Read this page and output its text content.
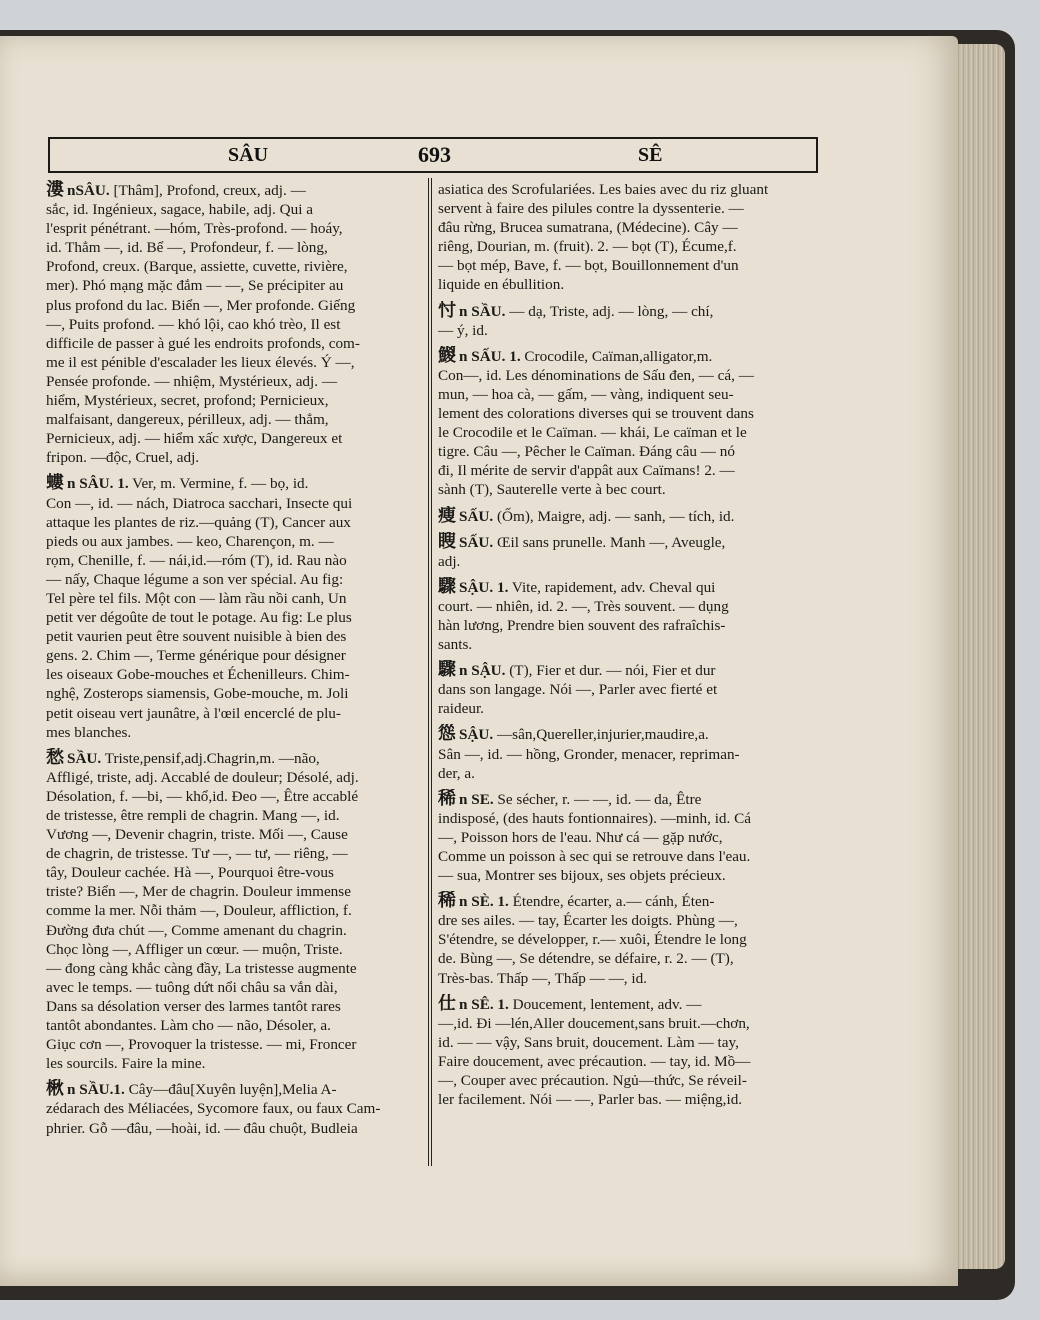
SÂU	693	SÊ
漊 nSÂU. [Thâm], Profond, creux, adj. —
sắc, id. Ingénieux, sagace, habile, adj. Qui a
l'esprit pénétrant. —hóm, Très-profond. — hoáy,
id. Thẳm —, id. Bể —, Profondeur, f. — lòng,
Profond, creux. (Barque, assiette, cuvette, rivière,
mer). Phó mạng mặc đắm — —, Se précipiter au
plus profond du lac. Biển —, Mer profonde. Giếng
—, Puits profond. — khó lội, cao khó trèo, Il est
difficile de passer à gué les endroits profonds, com-
me il est pénible d'escalader les lieux élevés. Ý —,
Pensée profonde. — nhiệm, Mystérieux, adj. —
hiểm, Mystérieux, secret, profond; Pernicieux,
malfaisant, dangereux, périlleux, adj. — thẳm,
Pernicieux, adj. — hiểm xấc xược, Dangereux et
fripon. —độc, Cruel, adj.
螻 n SÂU. 1. Ver, m. Vermine, f. — bọ, id.
Con —, id. — nách, Diatroca sacchari, Insecte qui
attaque les plantes de riz.—quảng (T), Cancer aux
pieds ou aux jambes. — keo, Charençon, m. —
rọm, Chenille, f. — nái,id.—róm (T), id. Rau nào
— nấy, Chaque légume a son ver spécial. Au fig:
Tel père tel fils. Một con — làm rầu nồi canh, Un
petit ver dégoûte de tout le potage. Au fig: Le plus
petit vaurien peut être souvent nuisible à bien des
gens. 2. Chim —, Terme générique pour désigner
les oiseaux Gobe-mouches et Échenilleurs. Chim-
nghệ, Zosterops siamensis, Gobe-mouche, m. Joli
petit oiseau vert jaunâtre, à l'œil encerclé de plu-
mes blanches.
愁 SẦU. Triste,pensif,adj.Chagrin,m. —não,
Affligé, triste, adj. Accablé de douleur; Désolé, adj.
Désolation, f. —bi, — khổ,id. Đeo —, Être accablé
de tristesse, être rempli de chagrin. Mang —, id.
Vương —, Devenir chagrin, triste. Mối —, Cause
de chagrin, de tristesse. Tư —, — tư, — riêng, —
tây, Douleur cachée. Hà —, Pourquoi être-vous
triste? Biển —, Mer de chagrin. Douleur immense
comme la mer. Nỗi thảm —, Douleur, affliction, f.
Đường đưa chút —, Comme amenant du chagrin.
Chọc lòng —, Affliger un cœur. — muộn, Triste.
— đong càng khắc càng đầy, La tristesse augmente
avec le temps. — tuông dứt nổi châu sa vắn dài,
Dans sa désolation verser des larmes tantôt rares
tantôt abondantes. Làm cho — não, Désoler, a.
Giục cơn —, Provoquer la tristesse. — mi, Froncer
les sourcils. Faire la mine.
楸 n SẦU.1. Cây—đâu[Xuyên luyện],Melia A-
zédarach des Méliacées, Sycomore faux, ou faux Cam-
phrier. Gỗ —đâu, —hoài, id. — đâu chuột, Budleia
asiatica des Scrofulariées. Les baies avec du riz gluant
servent à faire des pilules contre la dyssenterie. —
đâu rừng, Brucea sumatrana, (Médecine). Cây —
riêng, Dourian, m. (fruit). 2. — bọt (T), Écume,f.
— bọt mép, Bave, f. — bọt, Bouillonnement d'un
liquide en ébullition.
忖 n SẦU. — dạ, Triste, adj. — lòng, — chí,
— ý, id.
鯼 n SẤU. 1. Crocodile, Caïman,alligator,m.
Con—, id. Les dénominations de Sấu đen, — cá, —
mun, — hoa cà, — gấm, — vàng, indiquent seu-
lement des colorations diverses qui se trouvent dans
le Crocodile et le Caïman. — khái, Le caïman et le
tigre. Câu —, Pêcher le Caïman. Đáng câu — nó
đi, Il mérite de servir d'appât aux Caïmans! 2. —
sành (T), Sauterelle verte à bec court.
瘦 SẤU. (Ốm), Maigre, adj. — sanh, — tích, id.
瞍 SẤU. Œil sans prunelle. Manh —, Aveugle,
adj.
驟 SẬU. 1. Vite, rapidement, adv. Cheval qui
court. — nhiên, id. 2. —, Très souvent. — dụng
hàn lương, Prendre bien souvent des rafraîchis-
sants.
驟 n SẬU. (T), Fier et dur. — nói, Fier et dur
dans son langage. Nói —, Parler avec fierté et
raideur.
慫 SẬU. —sân,Quereller,injurier,maudire,a.
Sân —, id. — hồng, Gronder, menacer, repriman-
der, a.
稀 n SE. Se sécher, r. — —, id. — da, Être
indisposé, (des hauts fontionnaires). —minh, id. Cá
—, Poisson hors de l'eau. Như cá — gặp nước,
Comme un poisson à sec qui se retrouve dans l'eau.
— sua, Montrer ses bijoux, ses objets précieux.
稀 n SÈ. 1. Étendre, écarter, a.— cánh, Éten-
dre ses ailes. — tay, Écarter les doigts. Phùng —,
S'étendre, se développer, r.— xuôi, Étendre le long
de. Bùng —, Se détendre, se défaire, r. 2. — (T),
Très-bas. Thấp —, Thấp — —, id.
仕 n SÊ. 1. Doucement, lentement, adv. —
—,id. Đi —lén,Aller doucement,sans bruit.—chơn,
id. — — vậy, Sans bruit, doucement. Làm — tay,
Faire doucement, avec précaution. — tay, id. Mồ—
—, Couper avec précaution. Ngủ—thức, Se réveil-
ler facilement. Nói — —, Parler bas. — miệng,id.
